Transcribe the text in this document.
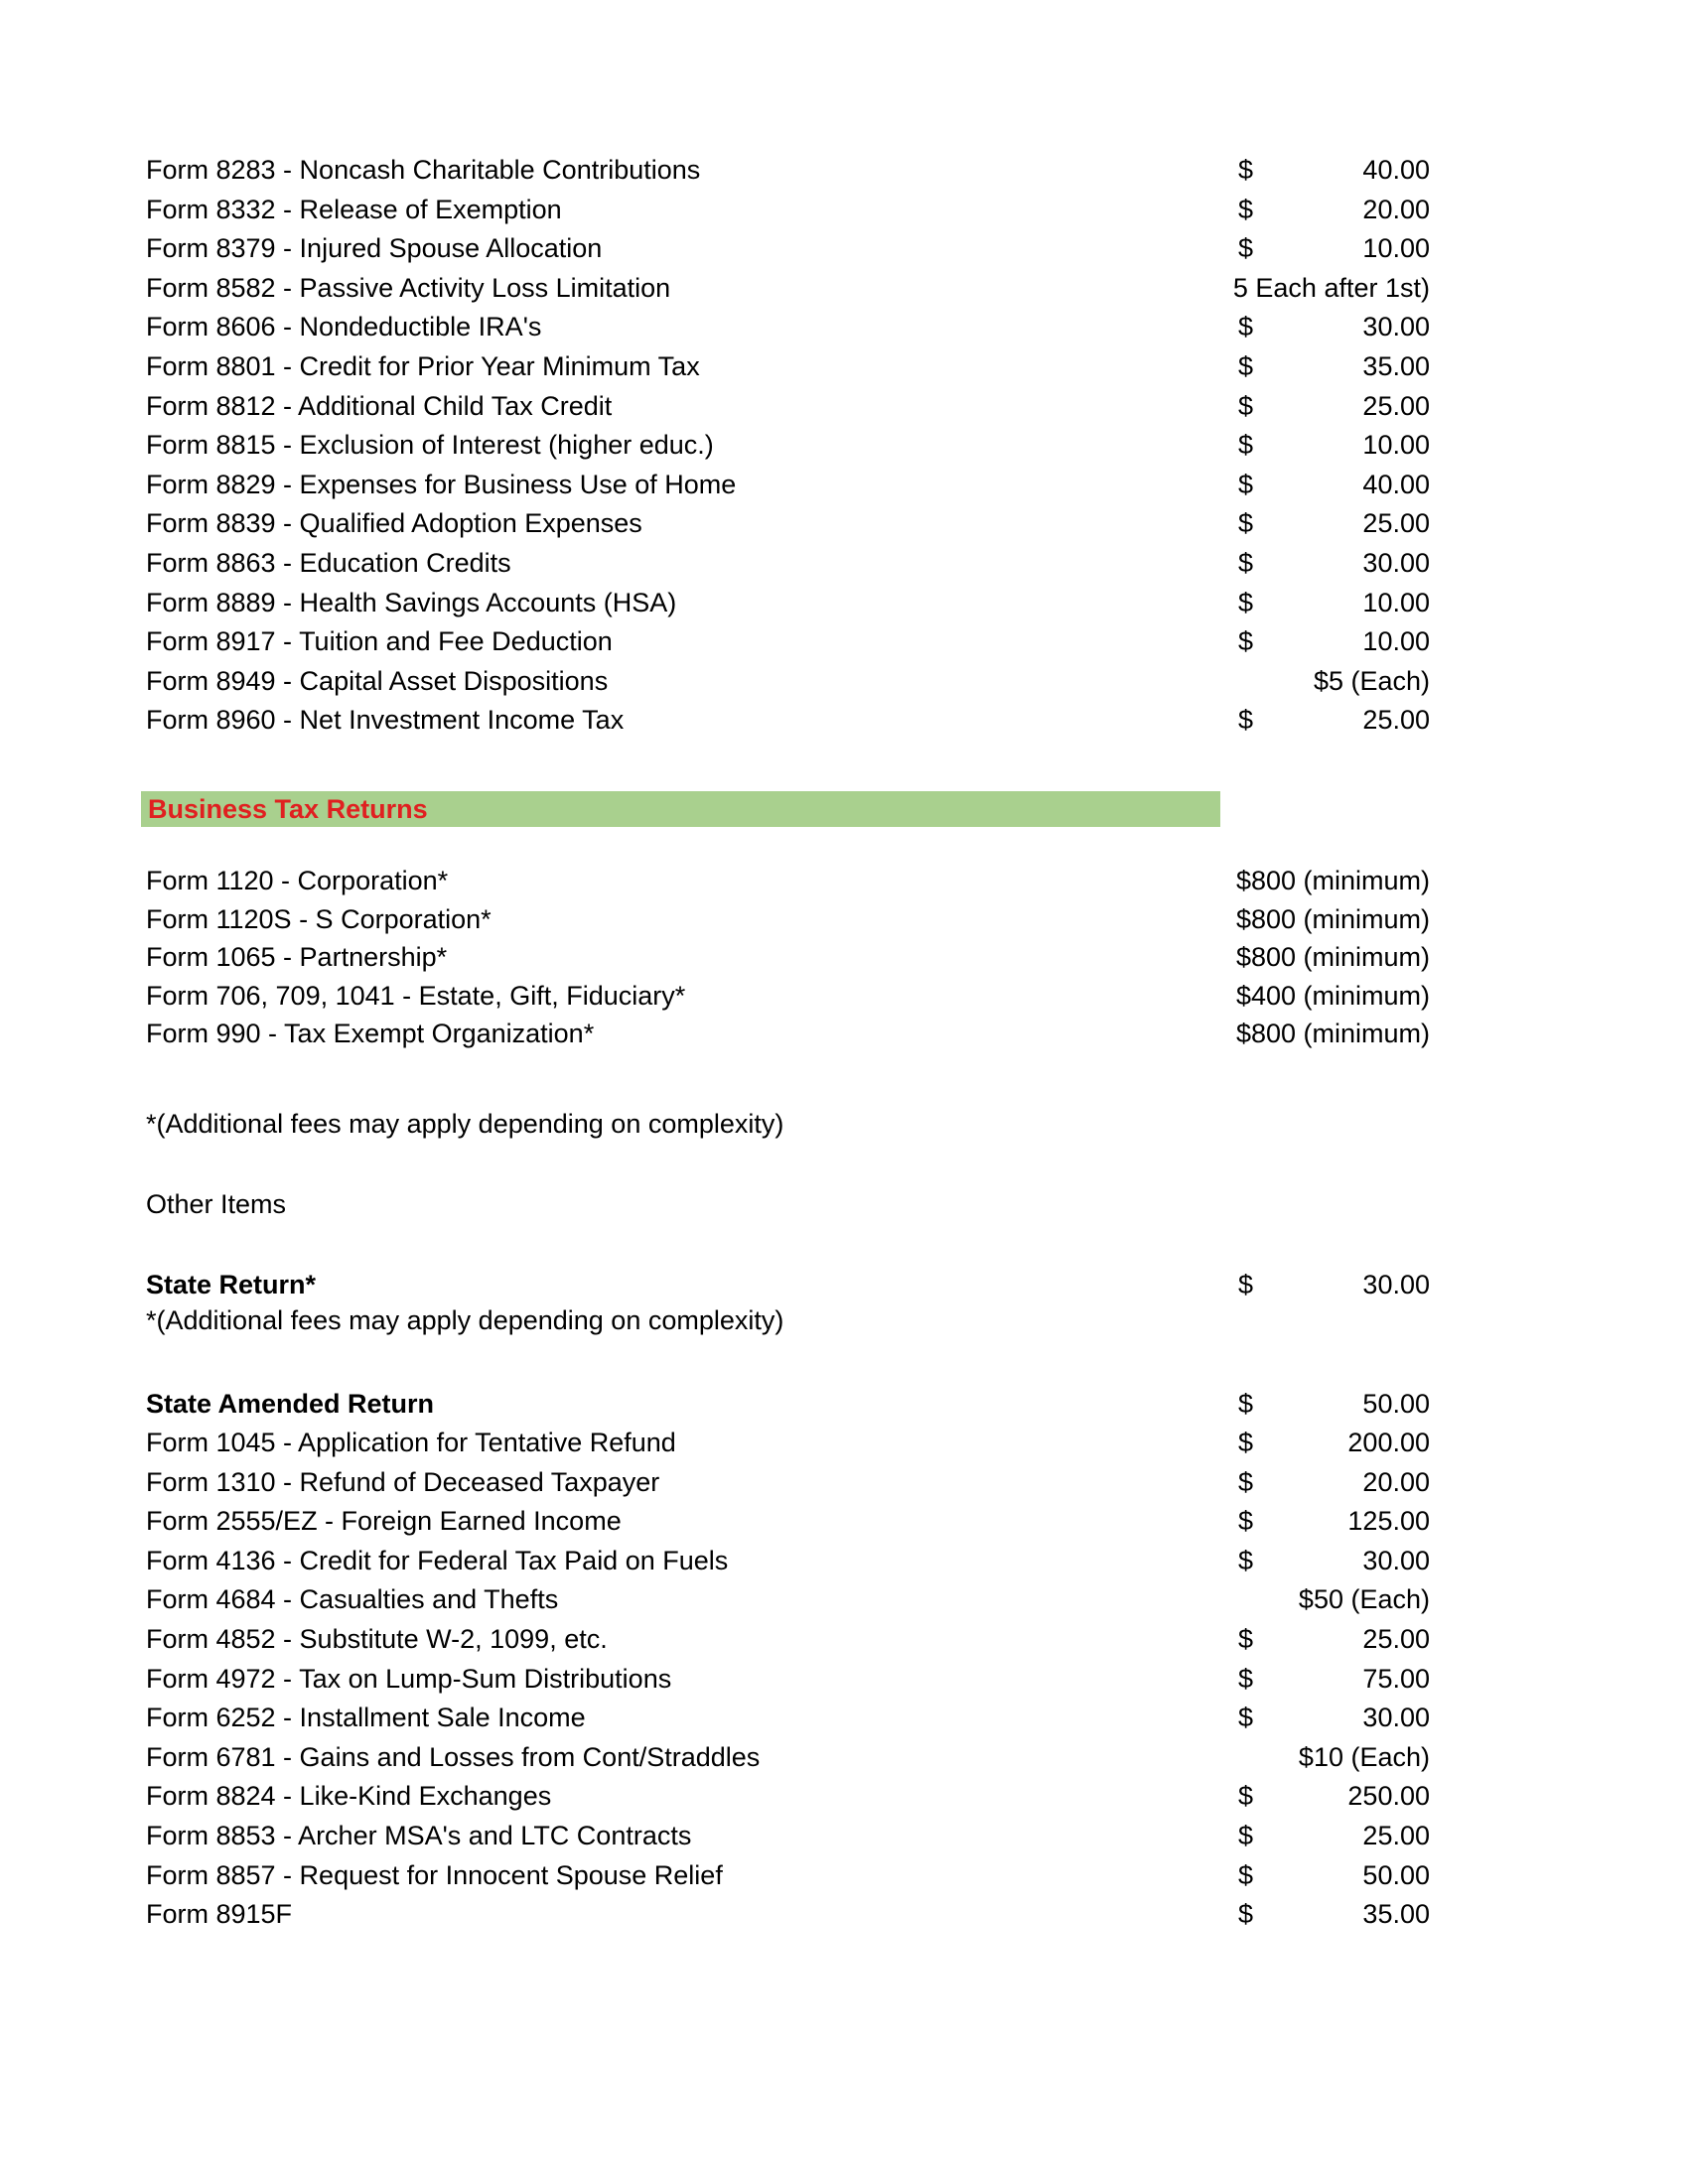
Form 8283 - Noncash Charitable Contributions	$	40.00
Form 8332 - Release of Exemption	$	20.00
Form 8379 - Injured Spouse Allocation	$	10.00
Form 8582 - Passive Activity Loss Limitation	5 Each after 1st)
Form 8606 - Nondeductible IRA's	$	30.00
Form 8801 - Credit for Prior Year Minimum Tax	$	35.00
Form 8812 - Additional Child Tax Credit	$	25.00
Form 8815 - Exclusion of Interest (higher educ.)	$	10.00
Form 8829 - Expenses for Business Use of Home	$	40.00
Form 8839 - Qualified Adoption Expenses	$	25.00
Form 8863 - Education Credits	$	30.00
Form 8889 - Health Savings Accounts (HSA)	$	10.00
Form 8917 - Tuition and Fee Deduction	$	10.00
Form 8949 - Capital Asset Dispositions	$5 (Each)
Form 8960 - Net Investment Income Tax	$	25.00
Business Tax Returns
Form 1120 - Corporation*	$800 (minimum)
Form 1120S - S Corporation*	$800 (minimum)
Form 1065 - Partnership*	$800 (minimum)
Form 706, 709, 1041 - Estate, Gift, Fiduciary*	$400 (minimum)
Form 990 - Tax Exempt Organization*	$800 (minimum)
*(Additional fees may apply depending on complexity)
Other Items
State Return*	$	30.00
*(Additional fees may apply depending on complexity)
State Amended Return	$	50.00
Form 1045 - Application for Tentative Refund	$	200.00
Form 1310 - Refund of Deceased Taxpayer	$	20.00
Form 2555/EZ - Foreign Earned Income	$	125.00
Form 4136 - Credit for Federal Tax Paid on Fuels	$	30.00
Form 4684 - Casualties and Thefts	$50 (Each)
Form 4852 - Substitute W-2, 1099, etc.	$	25.00
Form 4972 - Tax on Lump-Sum Distributions	$	75.00
Form 6252 - Installment Sale Income	$	30.00
Form 6781 - Gains and Losses from Cont/Straddles	$10 (Each)
Form 8824 - Like-Kind Exchanges	$	250.00
Form 8853 - Archer MSA's and LTC Contracts	$	25.00
Form 8857 - Request for Innocent Spouse Relief	$	50.00
Form 8915F	$	35.00
